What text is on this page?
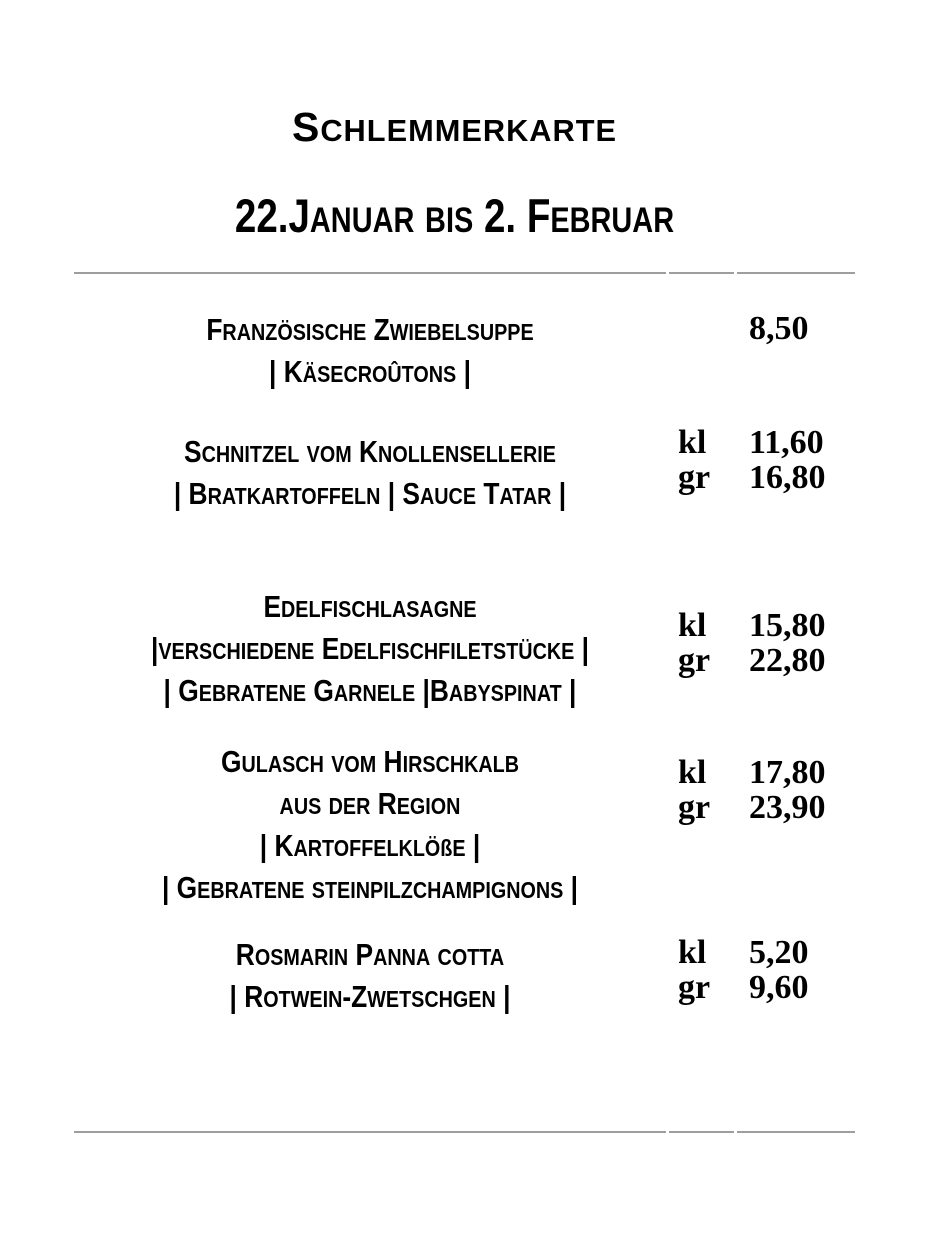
SCHLEMMERKARTE
22.JANUAR BIS 2. FEBRUAR
FRANZÖSISCHE ZWIEBELSUPPE
| KÄSECROÛTONS |
8,50
SCHNITZEL VOM KNOLLENSELLERIE
| BRATKARTOFFELN | SAUCE TATAR |
kl	11,60
gr	16,80
EDELFISCHLASAGNE
|VERSCHIEDENE EDELFISCHFILETSTÜCKE |
| GEBRATENE GARNELE |BABYSPINAT |
kl	15,80
gr	22,80
GULASCH VOM HIRSCHKALB
AUS DER REGION
| KARTOFFELKLÖßE |
| GEBRATENE STEINPILZCHAMPIGNONS |
kl	17,80
gr	23,90
ROSMARIN PANNA COTTA
| ROTWEIN-ZWETSCHGEN |
kl	5,20
gr	9,60
